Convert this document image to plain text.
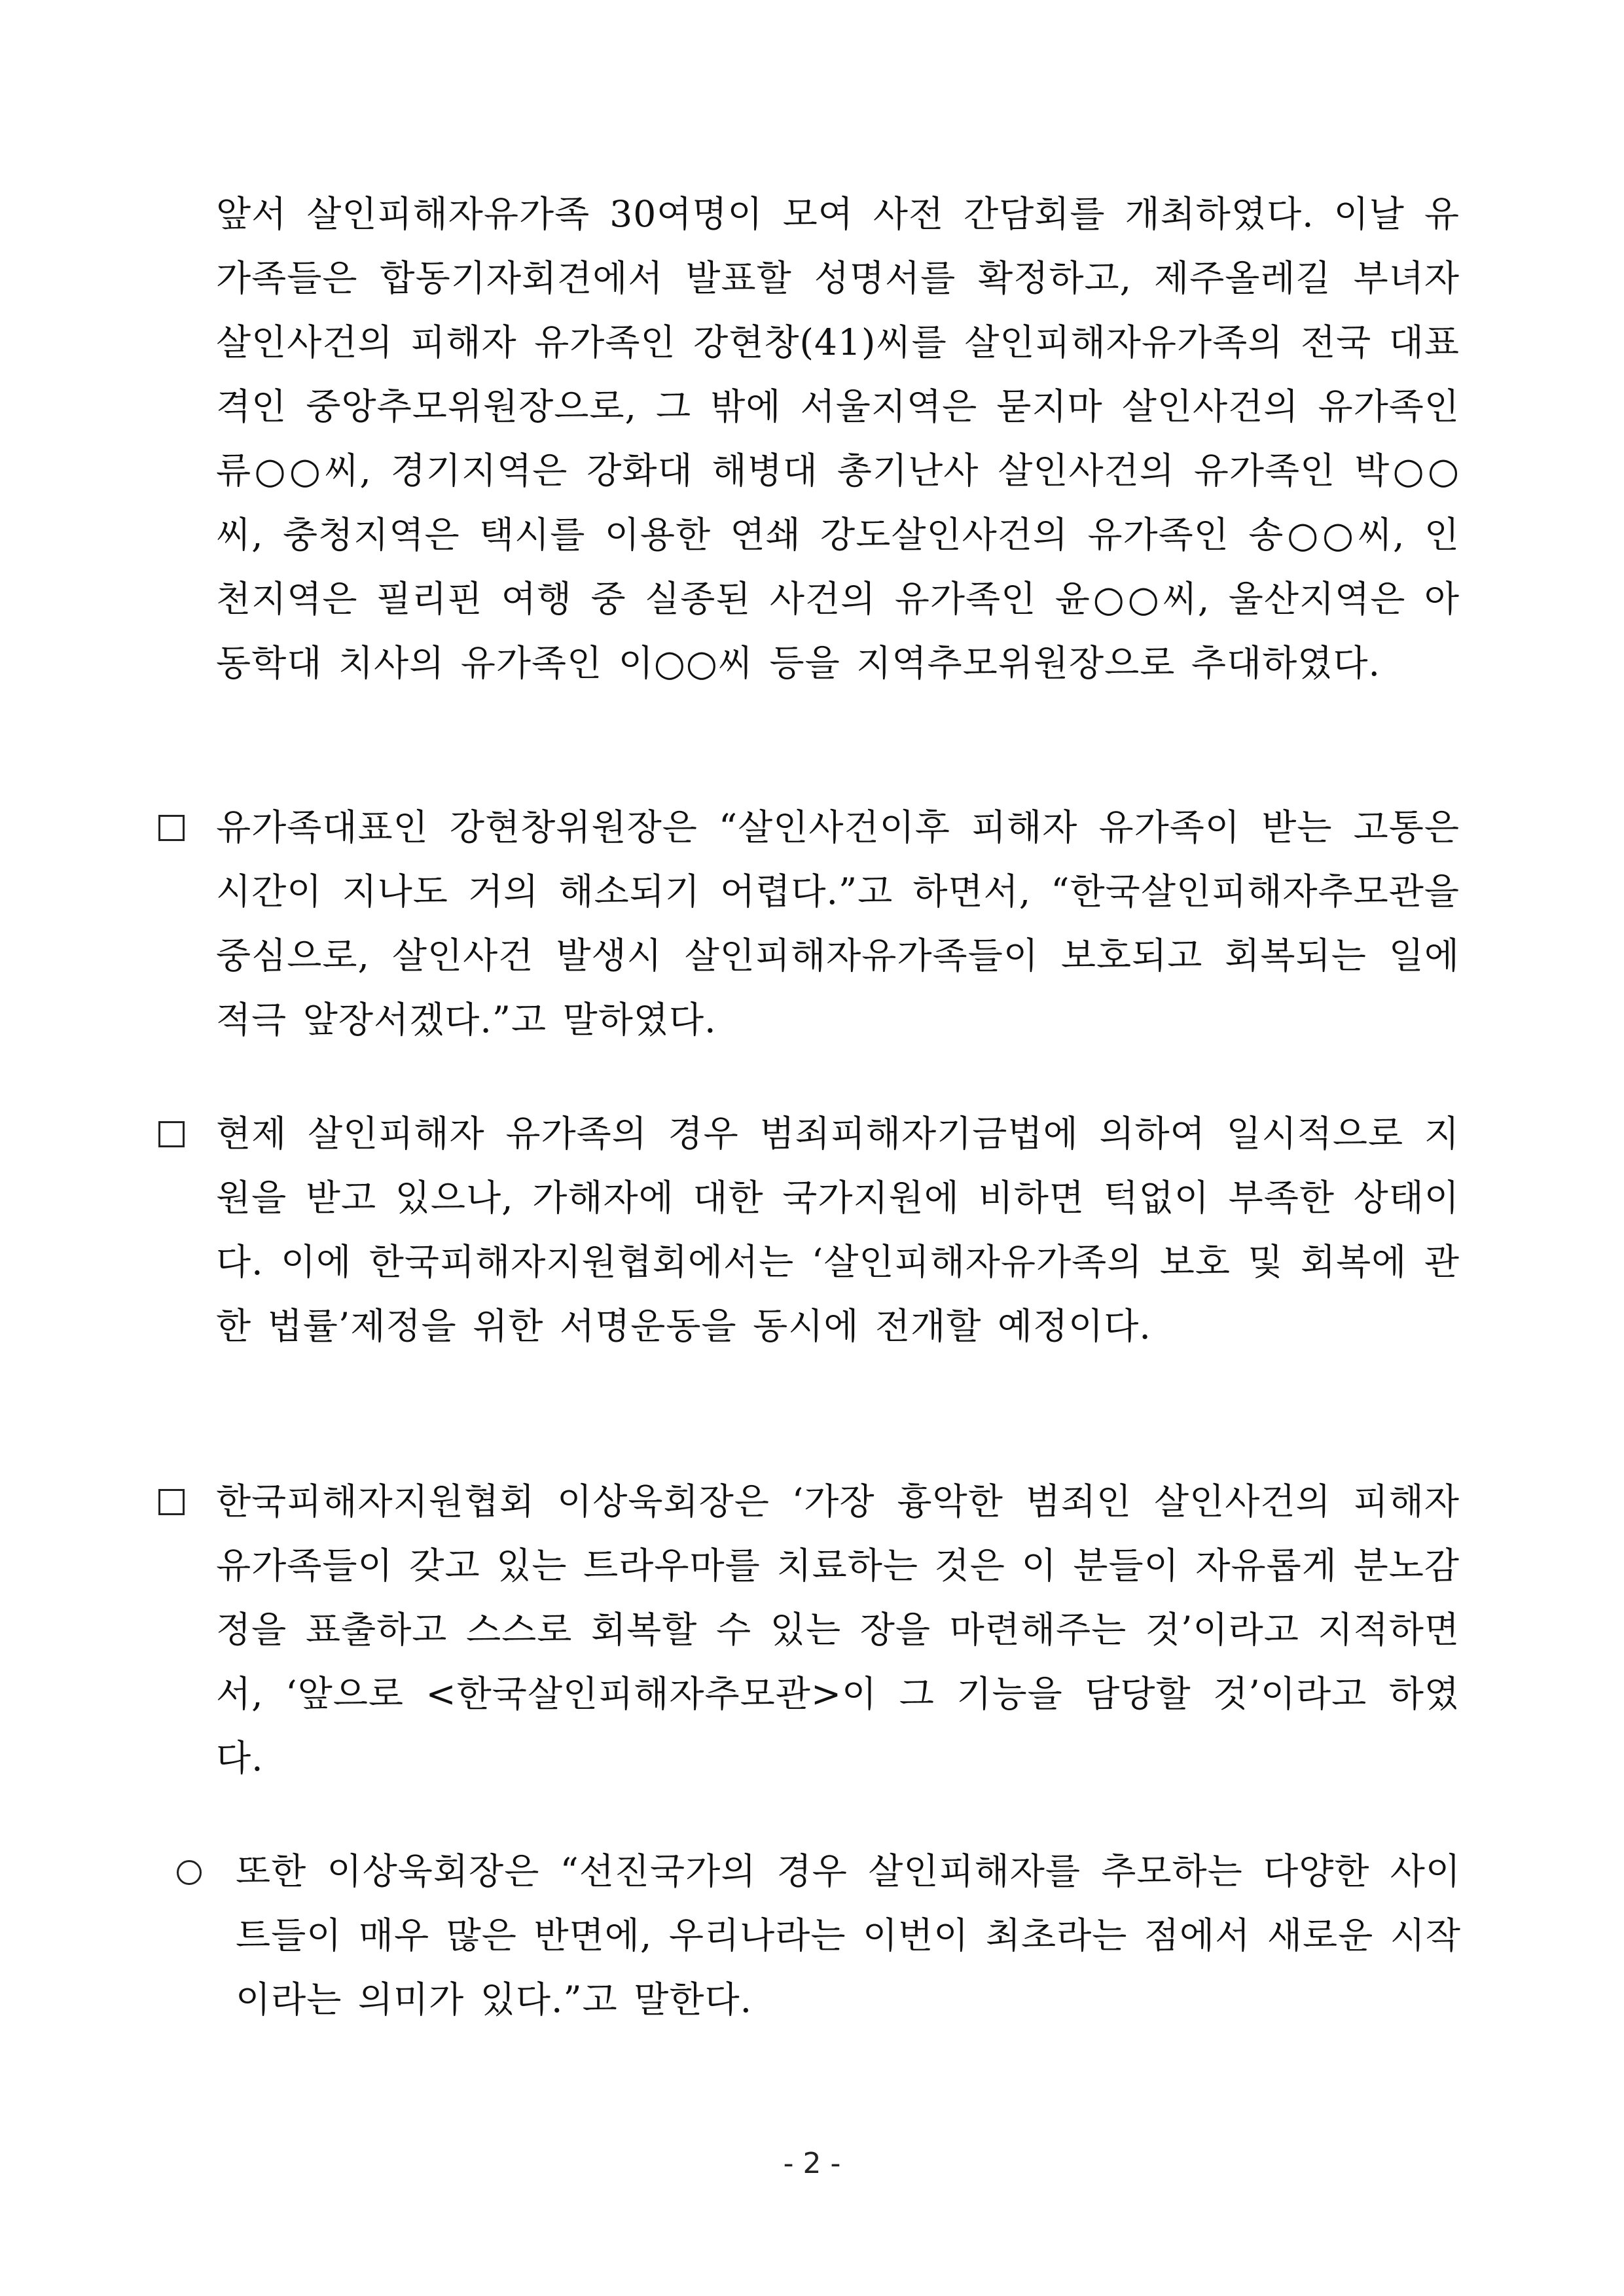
앞서 살인피해자유가족 30여명이 모여 사전 간담회를 개최하였다. 이날 유가족들은 합동기자회견에서 발표할 성명서를 확정하고, 제주올레길 부녀자 살인사건의 피해자 유가족인 강현창(41)씨를 살인피해자유가족의 전국 대표격인 중앙추모위원장으로, 그 밖에 서울지역은 묻지마 살인사건의 유가족인 류○○씨, 경기지역은 강화대 해병대 총기난사 살인사건의 유가족인 박○○씨, 충청지역은 택시를 이용한 연쇄 강도살인사건의 유가족인 송○○씨, 인천지역은 필리핀 여행 중 실종된 사건의 유가족인 윤○○씨, 울산지역은 아동학대 치사의 유가족인 이○○씨 등을 지역추모위원장으로 추대하였다.
유가족대표인 강현창위원장은 “살인사건이후 피해자 유가족이 받는 고통은 시간이 지나도 거의 해소되기 어렵다.”고 하면서, “한국살인피해자추모관을 중심으로, 살인사건 발생시 살인피해자유가족들이 보호되고 회복되는 일에 적극 앞장서겠다.”고 말하였다.
현제 살인피해자 유가족의 경우 범죄피해자기금법에 의하여 일시적으로 지원을 받고 있으나, 가해자에 대한 국가지원에 비하면 턱없이 부족한 상태이다. 이에 한국피해자지원협회에서는 ‘살인피해자유가족의 보호 및 회복에 관한 법률’제정을 위한 서명운동을 동시에 전개할 예정이다.
한국피해자지원협회 이상욱회장은 ‘가장 흉악한 범죄인 살인사건의 피해자 유가족들이 갖고 있는 트라우마를 치료하는 것은 이 분들이 자유롭게 분노감정을 표출하고 스스로 회복할 수 있는 장을 마련해주는 것’이라고 지적하면서, ‘앞으로 <한국살인피해자추모관>이 그 기능을 담당할 것’이라고 하였다.
또한 이상욱회장은 “선진국가의 경우 살인피해자를 추모하는 다양한 사이트들이 매우 많은 반면에, 우리나라는 이번이 최초라는 점에서 새로운 시작이라는 의미가 있다.”고 말한다.
- 2 -
